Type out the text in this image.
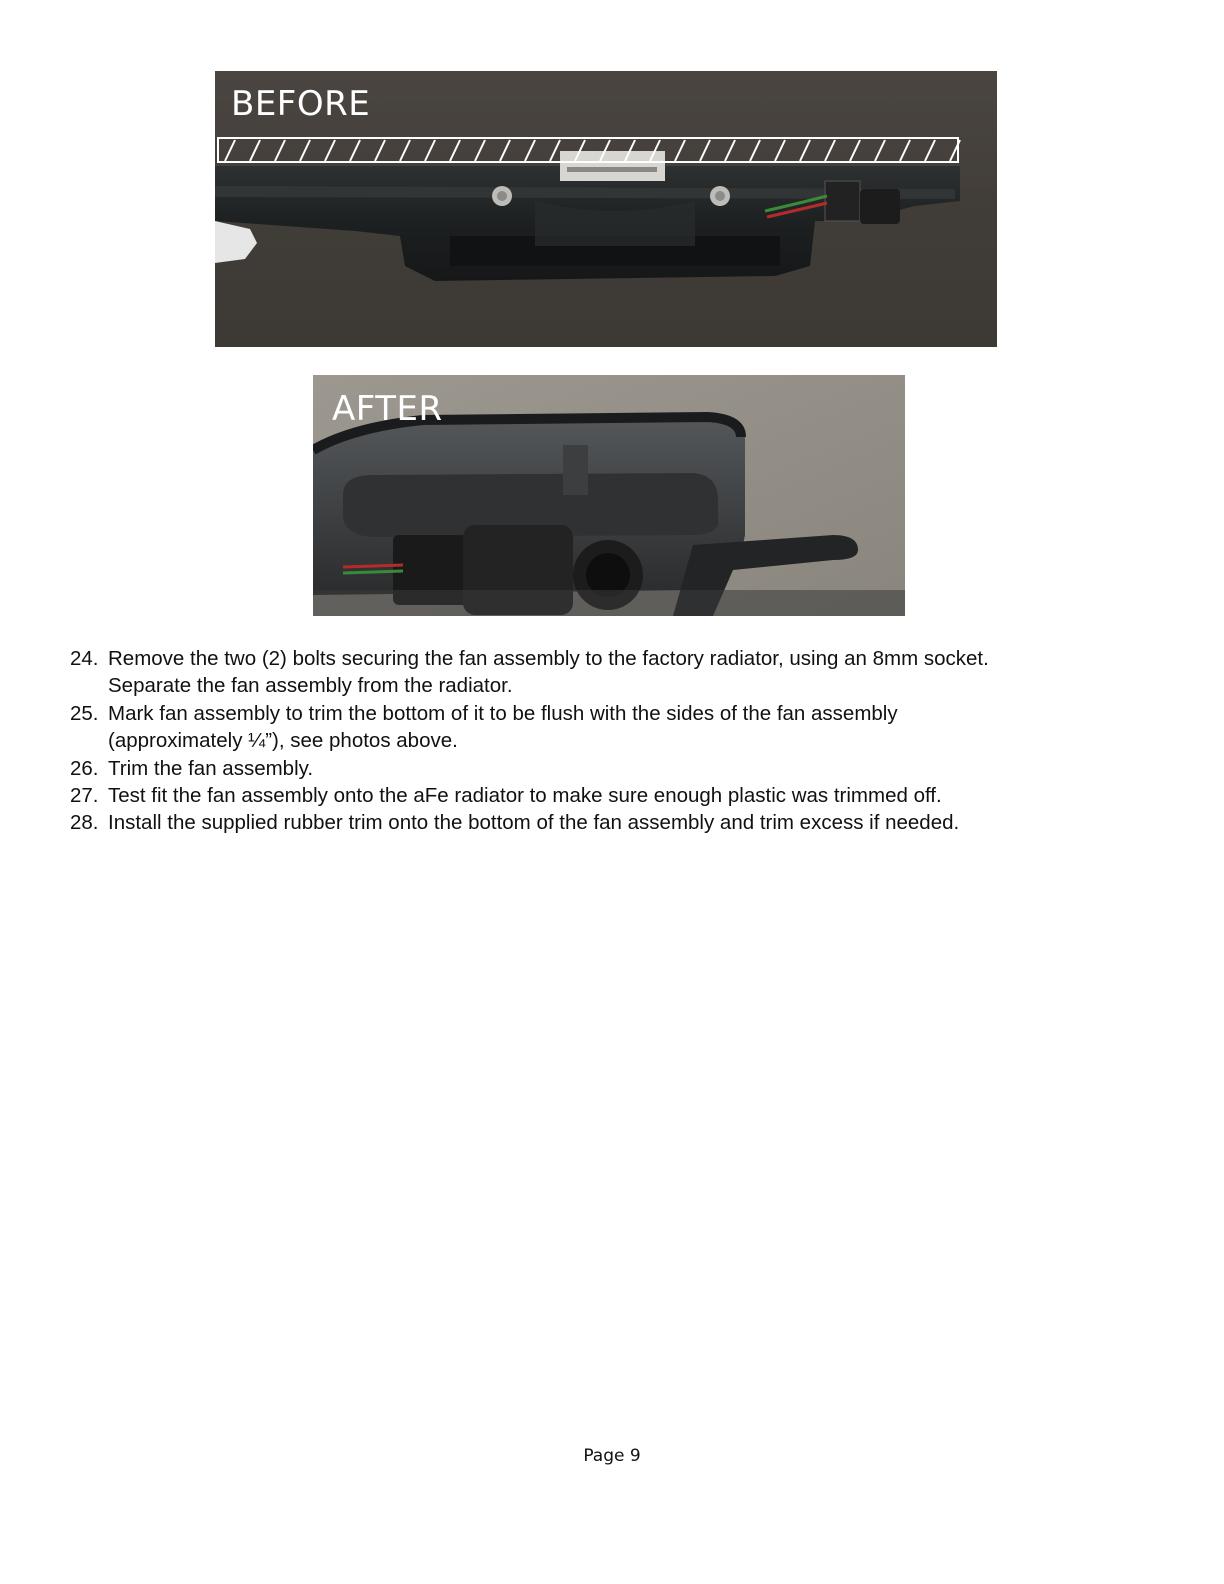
BEFORE
AFTER
24. Remove the two (2) bolts securing the fan assembly to the factory radiator, using an 8mm socket.
Separate the fan assembly from the radiator.
25. Mark fan assembly to trim the bottom of it to be flush with the sides of the fan assembly
(approximately ¼”), see photos above.
26. Trim the fan assembly.
27. Test fit the fan assembly onto the aFe radiator to make sure enough plastic was trimmed off.
28. Install the supplied rubber trim onto the bottom of the fan assembly and trim excess if needed.
Page 9
